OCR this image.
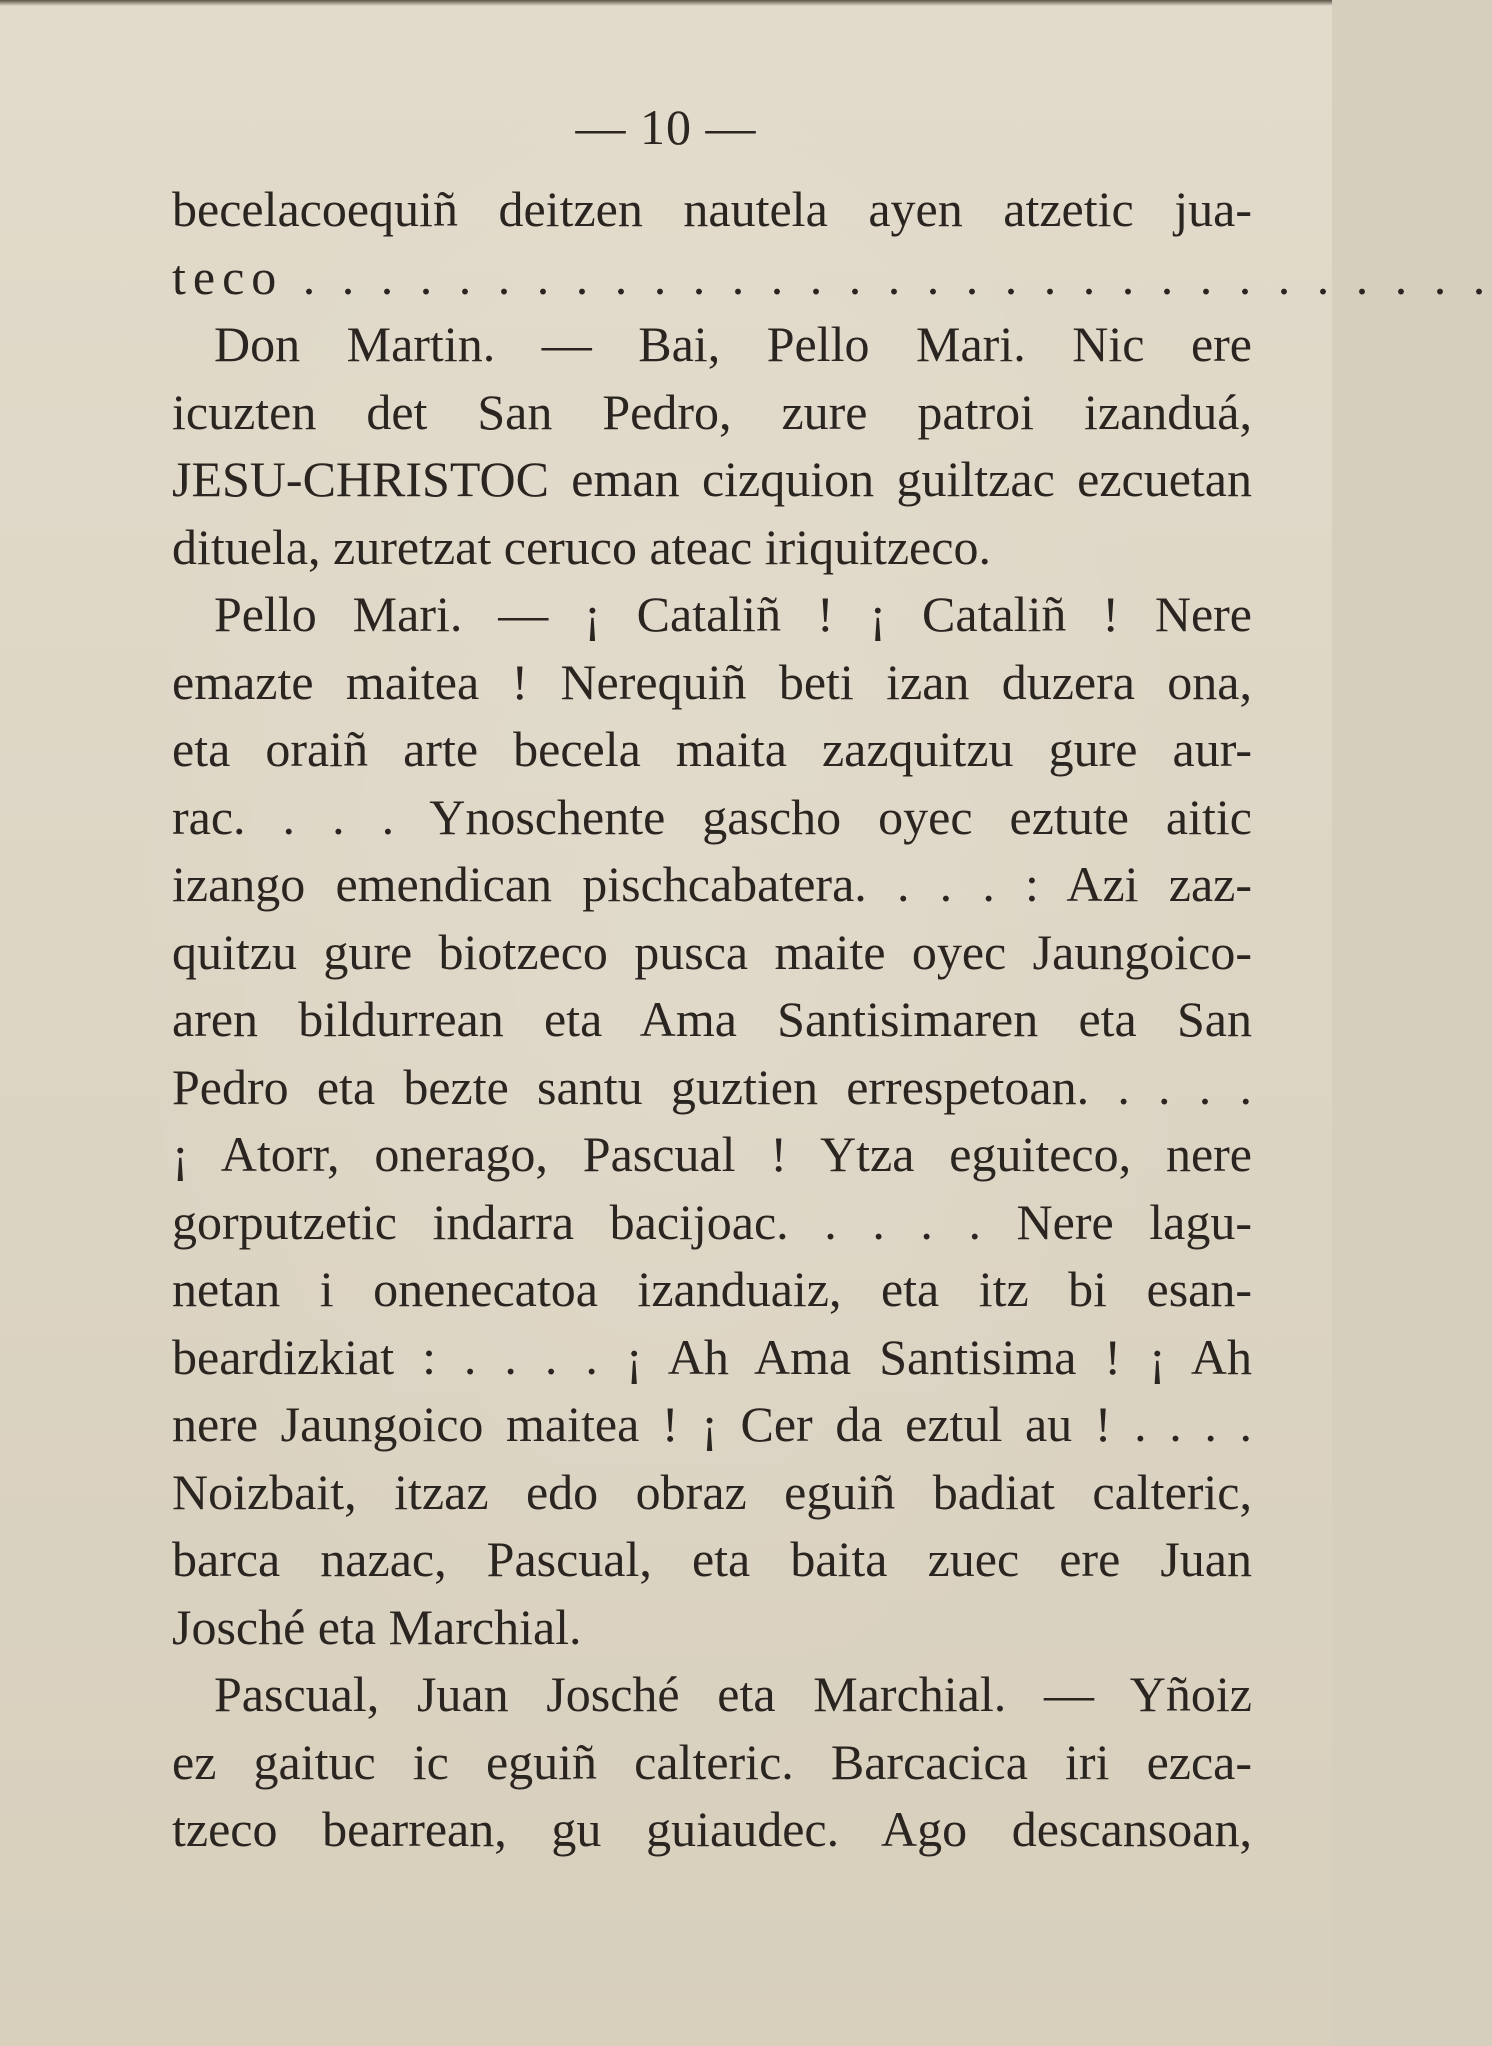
— 10 —
becelacoequiñ deitzen nautela ayen atzetic jua-
teco . . . . . . . . . . . . . . . . . . . . . . . . . . . . . . .
Don Martin. — Bai, Pello Mari. Nic ere
icuzten det San Pedro, zure patroi izanduá,
JESU-CHRISTOC eman cizquion guiltzac ezcuetan
dituela, zuretzat ceruco ateac iriquitzeco.
Pello Mari. — ¡ Cataliñ ! ¡ Cataliñ ! Nere
emazte maitea ! Nerequiñ beti izan duzera ona,
eta oraiñ arte becela maita zazquitzu gure aur-
rac. . . . Ynoschente gascho oyec eztute aitic
izango emendican pischcabatera. . . . : Azi zaz-
quitzu gure biotzeco pusca maite oyec Jaungoico-
aren bildurrean eta Ama Santisimaren eta San
Pedro eta bezte santu guztien errespetoan. . . . .
¡ Atorr, onerago, Pascual ! Ytza eguiteco, nere
gorputzetic indarra bacijoac. . . . . Nere lagu-
netan i onenecatoa izanduaiz, eta itz bi esan-
beardizkiat : . . . . ¡ Ah Ama Santisima ! ¡ Ah
nere Jaungoico maitea ! ¡ Cer da eztul au ! . . . .
Noizbait, itzaz edo obraz eguiñ badiat calteric,
barca nazac, Pascual, eta baita zuec ere Juan
Josché eta Marchial.
Pascual, Juan Josché eta Marchial. — Yñoiz
ez gaituc ic eguiñ calteric. Barcacica iri ezca-
tzeco bearrean, gu guiaudec. Ago descansoan,
